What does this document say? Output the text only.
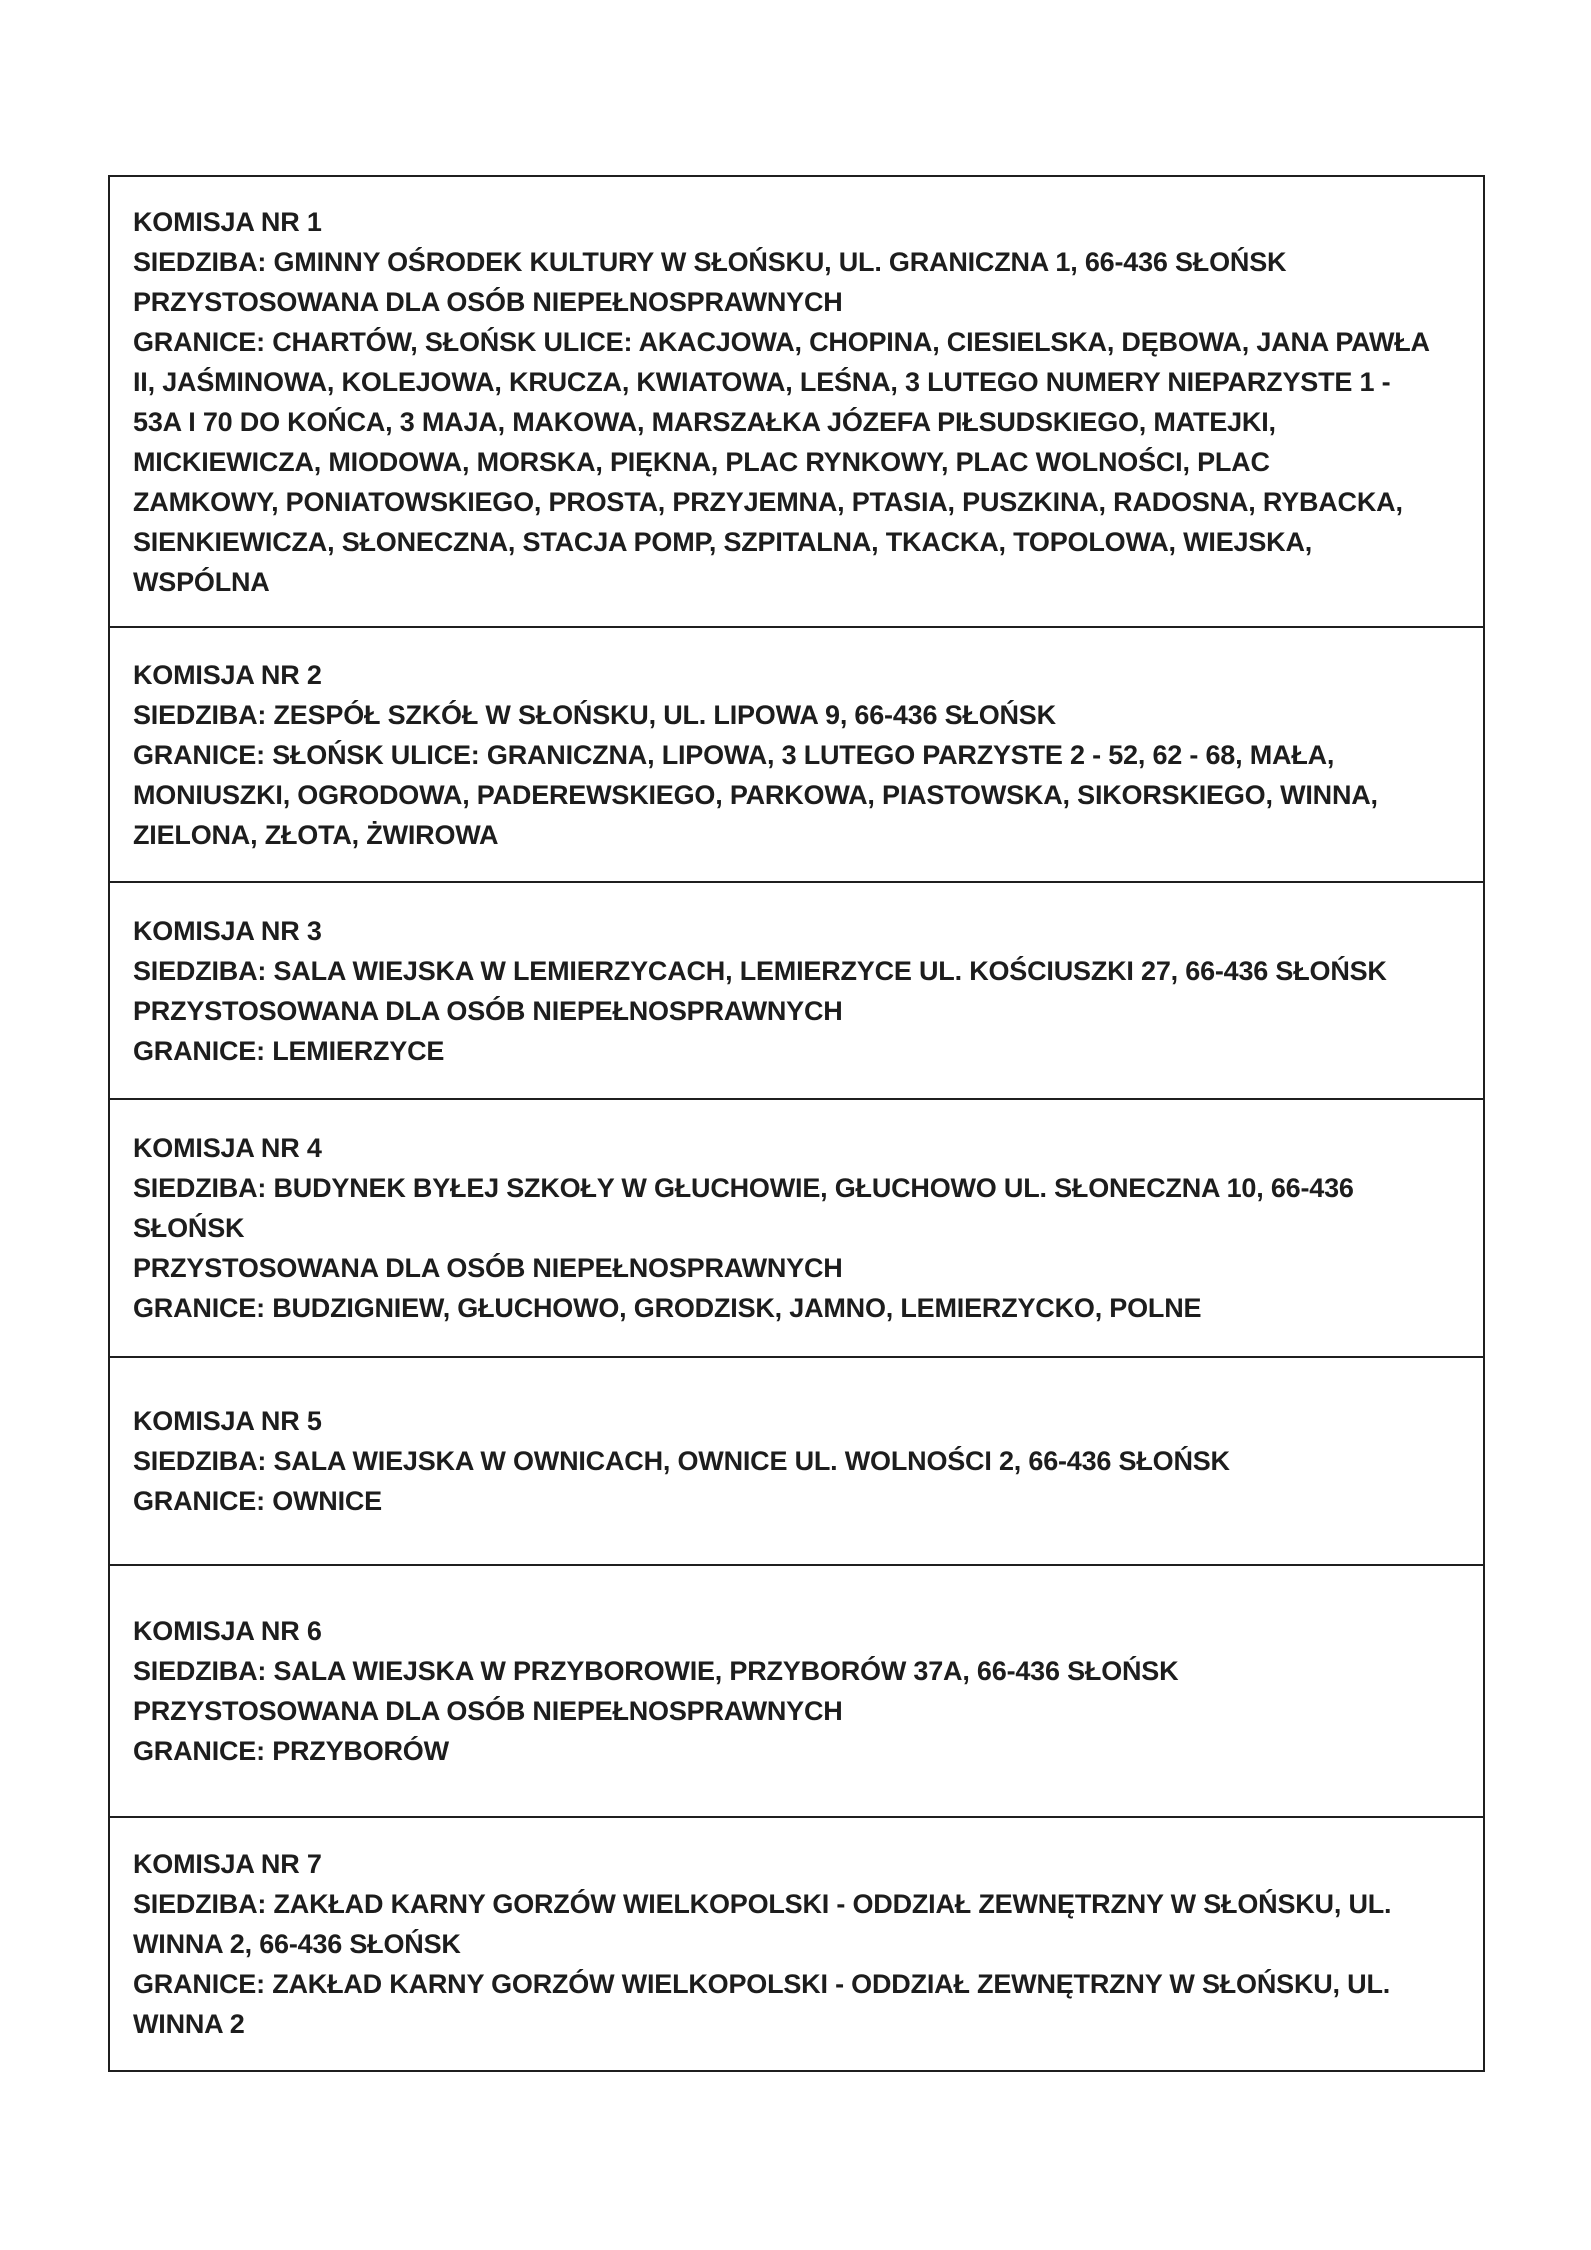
KOMISJA NR 1
SIEDZIBA: GMINNY OŚRODEK KULTURY W SŁOŃSKU, UL. GRANICZNA 1, 66-436 SŁOŃSK
PRZYSTOSOWANA DLA OSÓB NIEPEŁNOSPRAWNYCH
GRANICE: CHARTÓW, SŁOŃSK ULICE: AKACJOWA, CHOPINA, CIESIELSKA, DĘBOWA, JANA PAWŁA
II, JAŚMINOWA, KOLEJOWA, KRUCZA, KWIATOWA, LEŚNA, 3 LUTEGO NUMERY NIEPARZYSTE 1 -
53A I 70 DO KOŃCA, 3 MAJA, MAKOWA, MARSZAŁKA JÓZEFA PIŁSUDSKIEGO, MATEJKI,
MICKIEWICZA, MIODOWA, MORSKA, PIĘKNA, PLAC RYNKOWY, PLAC WOLNOŚCI, PLAC
ZAMKOWY, PONIATOWSKIEGO, PROSTA, PRZYJEMNA, PTASIA, PUSZKINA, RADOSNA, RYBACKA,
SIENKIEWICZA, SŁONECZNA, STACJA POMP, SZPITALNA, TKACKA, TOPOLOWA, WIEJSKA,
WSPÓLNA
KOMISJA NR 2
SIEDZIBA: ZESPÓŁ SZKÓŁ W SŁOŃSKU, UL. LIPOWA 9, 66-436 SŁOŃSK
GRANICE: SŁOŃSK ULICE: GRANICZNA, LIPOWA, 3 LUTEGO PARZYSTE 2 - 52, 62 - 68, MAŁA,
MONIUSZKI, OGRODOWA, PADEREWSKIEGO, PARKOWA, PIASTOWSKA, SIKORSKIEGO, WINNA,
ZIELONA, ZŁOTA, ŻWIROWA
KOMISJA NR 3
SIEDZIBA: SALA WIEJSKA W LEMIERZYCACH, LEMIERZYCE UL. KOŚCIUSZKI 27, 66-436 SŁOŃSK
PRZYSTOSOWANA DLA OSÓB NIEPEŁNOSPRAWNYCH
GRANICE: LEMIERZYCE
KOMISJA NR 4
SIEDZIBA: BUDYNEK BYŁEJ SZKOŁY W GŁUCHOWIE, GŁUCHOWO UL. SŁONECZNA 10, 66-436
SŁOŃSK
PRZYSTOSOWANA DLA OSÓB NIEPEŁNOSPRAWNYCH
GRANICE: BUDZIGNIEW, GŁUCHOWO, GRODZISK, JAMNO, LEMIERZYCKO, POLNE
KOMISJA NR 5
SIEDZIBA: SALA WIEJSKA W OWNICACH, OWNICE UL. WOLNOŚCI 2, 66-436 SŁOŃSK
GRANICE: OWNICE
KOMISJA NR 6
SIEDZIBA: SALA WIEJSKA W PRZYBOROWIE, PRZYBORÓW 37A, 66-436 SŁOŃSK
PRZYSTOSOWANA DLA OSÓB NIEPEŁNOSPRAWNYCH
GRANICE: PRZYBORÓW
KOMISJA NR 7
SIEDZIBA: ZAKŁAD KARNY GORZÓW WIELKOPOLSKI - ODDZIAŁ ZEWNĘTRZNY W SŁOŃSKU, UL.
WINNA 2, 66-436 SŁOŃSK
GRANICE: ZAKŁAD KARNY GORZÓW WIELKOPOLSKI - ODDZIAŁ ZEWNĘTRZNY W SŁOŃSKU, UL.
WINNA 2
